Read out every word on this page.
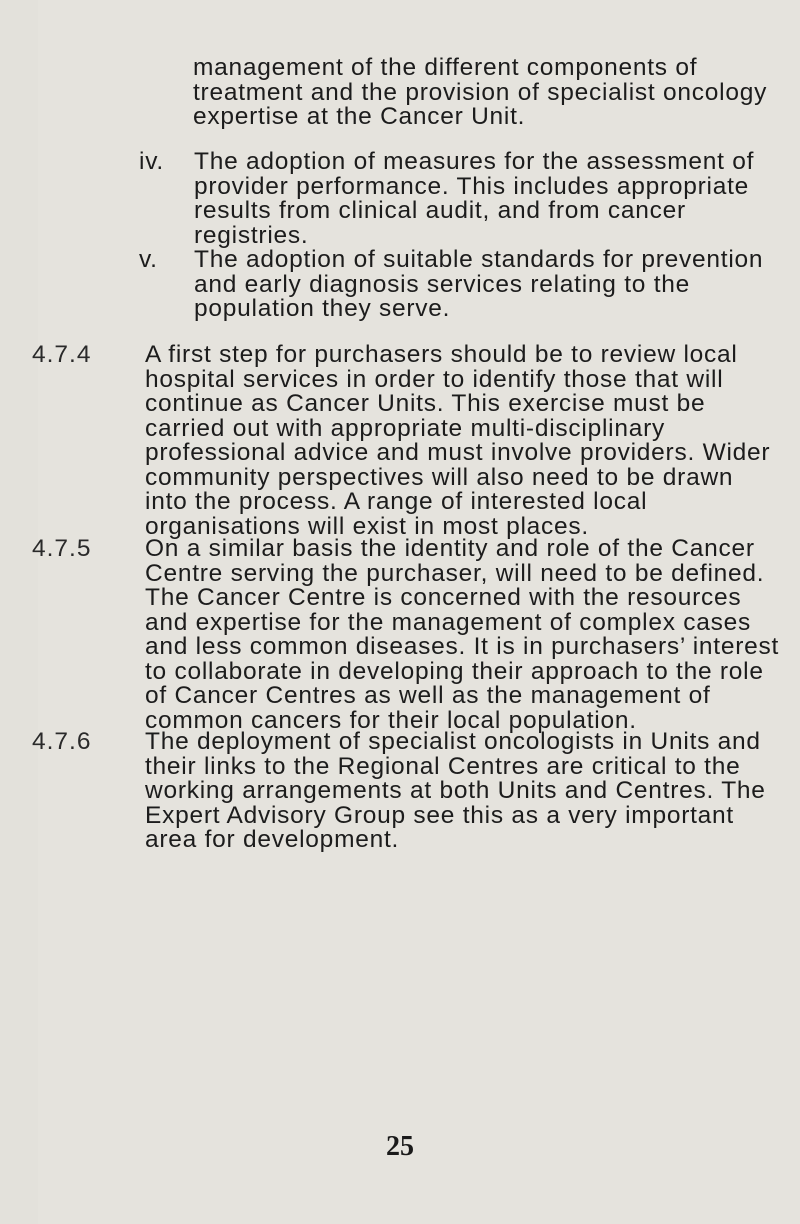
management of the different components of treatment and the provision of specialist oncology expertise at the Cancer Unit.
iv.	The adoption of measures for the assessment of provider performance. This includes appropriate results from clinical audit, and from cancer registries.
v.	The adoption of suitable standards for prevention and early diagnosis services relating to the population they serve.
4.7.4	A first step for purchasers should be to review local hospital services in order to identify those that will continue as Cancer Units. This exercise must be carried out with appropriate multi-disciplinary professional advice and must involve providers. Wider community perspectives will also need to be drawn into the process. A range of interested local organisations will exist in most places.
4.7.5	On a similar basis the identity and role of the Cancer Centre serving the purchaser, will need to be defined. The Cancer Centre is concerned with the resources and expertise for the management of complex cases and less common diseases. It is in purchasers’ interest to collaborate in developing their approach to the role of Cancer Centres as well as the management of common cancers for their local population.
4.7.6	The deployment of specialist oncologists in Units and their links to the Regional Centres are critical to the working arrangements at both Units and Centres. The Expert Advisory Group see this as a very important area for development.
25
